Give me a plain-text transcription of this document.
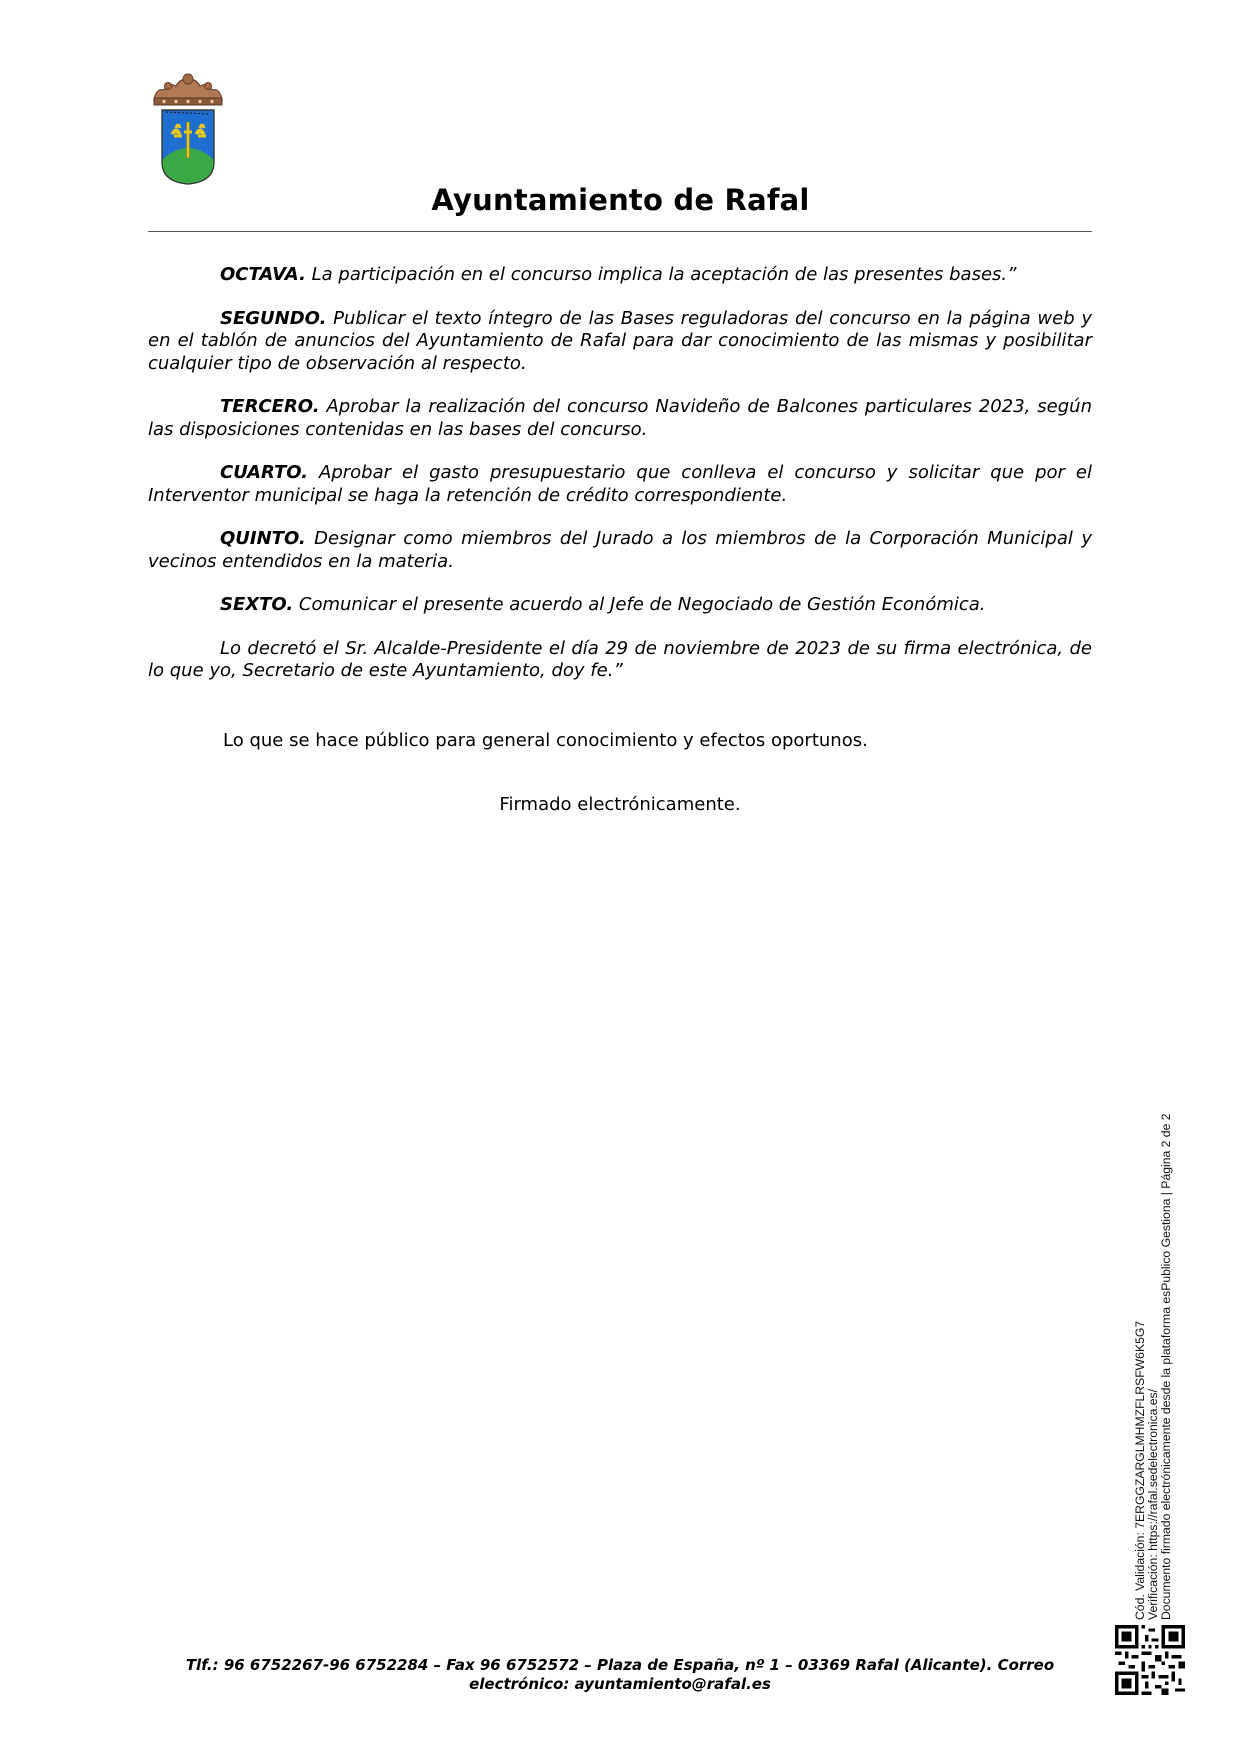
Ayuntamiento de Rafal

OCTAVA. La participación en el concurso implica la aceptación de las presentes bases.”

SEGUNDO. Publicar el texto íntegro de las Bases reguladoras del concurso en la página web y en el tablón de anuncios del Ayuntamiento de Rafal para dar conocimiento de las mismas y posibilitar cualquier tipo de observación al respecto.

TERCERO. Aprobar la realización del concurso Navideño de Balcones particulares 2023, según las disposiciones contenidas en las bases del concurso.

CUARTO. Aprobar el gasto presupuestario que conlleva el concurso y solicitar que por el Interventor municipal se haga la retención de crédito correspondiente.

QUINTO. Designar como miembros del Jurado a los miembros de la Corporación Municipal y vecinos entendidos en la materia.

SEXTO. Comunicar el presente acuerdo al Jefe de Negociado de Gestión Económica.

Lo decretó el Sr. Alcalde-Presidente el día 29 de noviembre de 2023 de su firma electrónica, de lo que yo, Secretario de este Ayuntamiento, doy fe.”

Lo que se hace público para general conocimiento y efectos oportunos.
Firmado electrónicamente.
Cód. Validación: 7ERGGZARGLMHMZFLRSFW6K5G7 Verificación: https://rafal.sedelectronica.es/ Documento firmado electrónicamente desde la plataforma esPublico Gestiona | Página 2 de 2
Tlf.: 96 6752267-96 6752284 – Fax 96 6752572 – Plaza de España, nº 1 – 03369 Rafal (Alicante). Correo
electrónico: ayuntamiento@rafal.es
